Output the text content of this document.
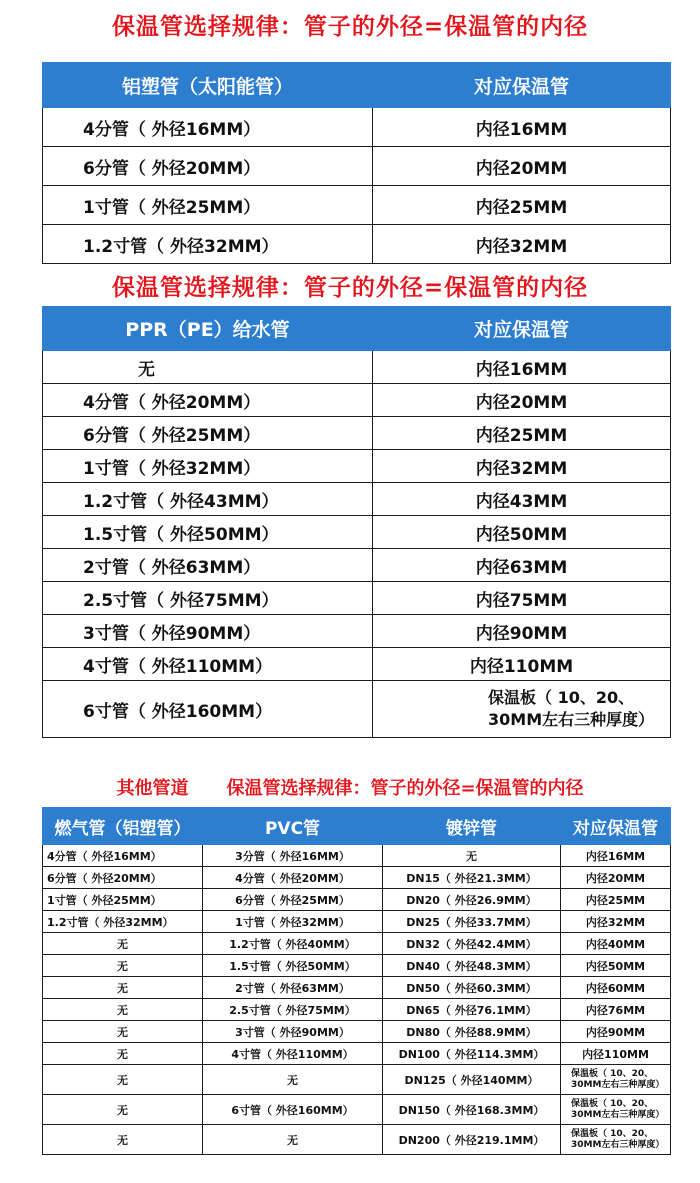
保温管选择规律：管子的外径=保温管的内径
铝塑管（太阳能管）	对应保温管
4分管（ 外径16MM）	内径16MM
6分管（ 外径20MM）	内径20MM
1寸管（ 外径25MM）	内径25MM
1.2寸管（ 外径32MM）	内径32MM
保温管选择规律：管子的外径=保温管的内径
PPR（PE）给水管	对应保温管
无	内径16MM
4分管（ 外径20MM）	内径20MM
6分管（ 外径25MM）	内径25MM
1寸管（ 外径32MM）	内径32MM
1.2寸管（ 外径43MM）	内径43MM
1.5寸管（ 外径50MM）	内径50MM
2寸管（ 外径63MM）	内径63MM
2.5寸管（ 外径75MM）	内径75MM
3寸管（ 外径90MM）	内径90MM
4寸管（ 外径110MM）	内径110MM
6寸管（ 外径160MM）	保温板（ 10、20、
30MM左右三种厚度）
其他管道 保温管选择规律：管子的外径=保温管的内径
燃气管（铝塑管）	PVC管	镀锌管	对应保温管
4分管（ 外径16MM）	3分管（ 外径16MM）	无	内径16MM
6分管（ 外径20MM）	4分管（ 外径20MM）	DN15（ 外径21.3MM）	内径20MM
1寸管（ 外径25MM）	6分管（ 外径25MM）	DN20（ 外径26.9MM）	内径25MM
1.2寸管（ 外径32MM）	1寸管（ 外径32MM）	DN25（ 外径33.7MM）	内径32MM
无	1.2寸管（ 外径40MM）	DN32（ 外径42.4MM）	内径40MM
无	1.5寸管（ 外径50MM）	DN40（ 外径48.3MM）	内径50MM
无	2寸管（ 外径63MM）	DN50（ 外径60.3MM）	内径60MM
无	2.5寸管（ 外径75MM）	DN65（ 外径76.1MM）	内径76MM
无	3寸管（ 外径90MM）	DN80（ 外径88.9MM）	内径90MM
无	4寸管（ 外径110MM）	DN100（ 外径114.3MM）	内径110MM
无	无	DN125（ 外径140MM）	保温板（ 10、20、
30MM左右三种厚度）

无	6寸管（ 外径160MM）	DN150（ 外径168.3MM）	保温板（ 10、20、
30MM左右三种厚度）

无	无	DN200（ 外径219.1MM）	保温板（ 10、20、
30MM左右三种厚度）
